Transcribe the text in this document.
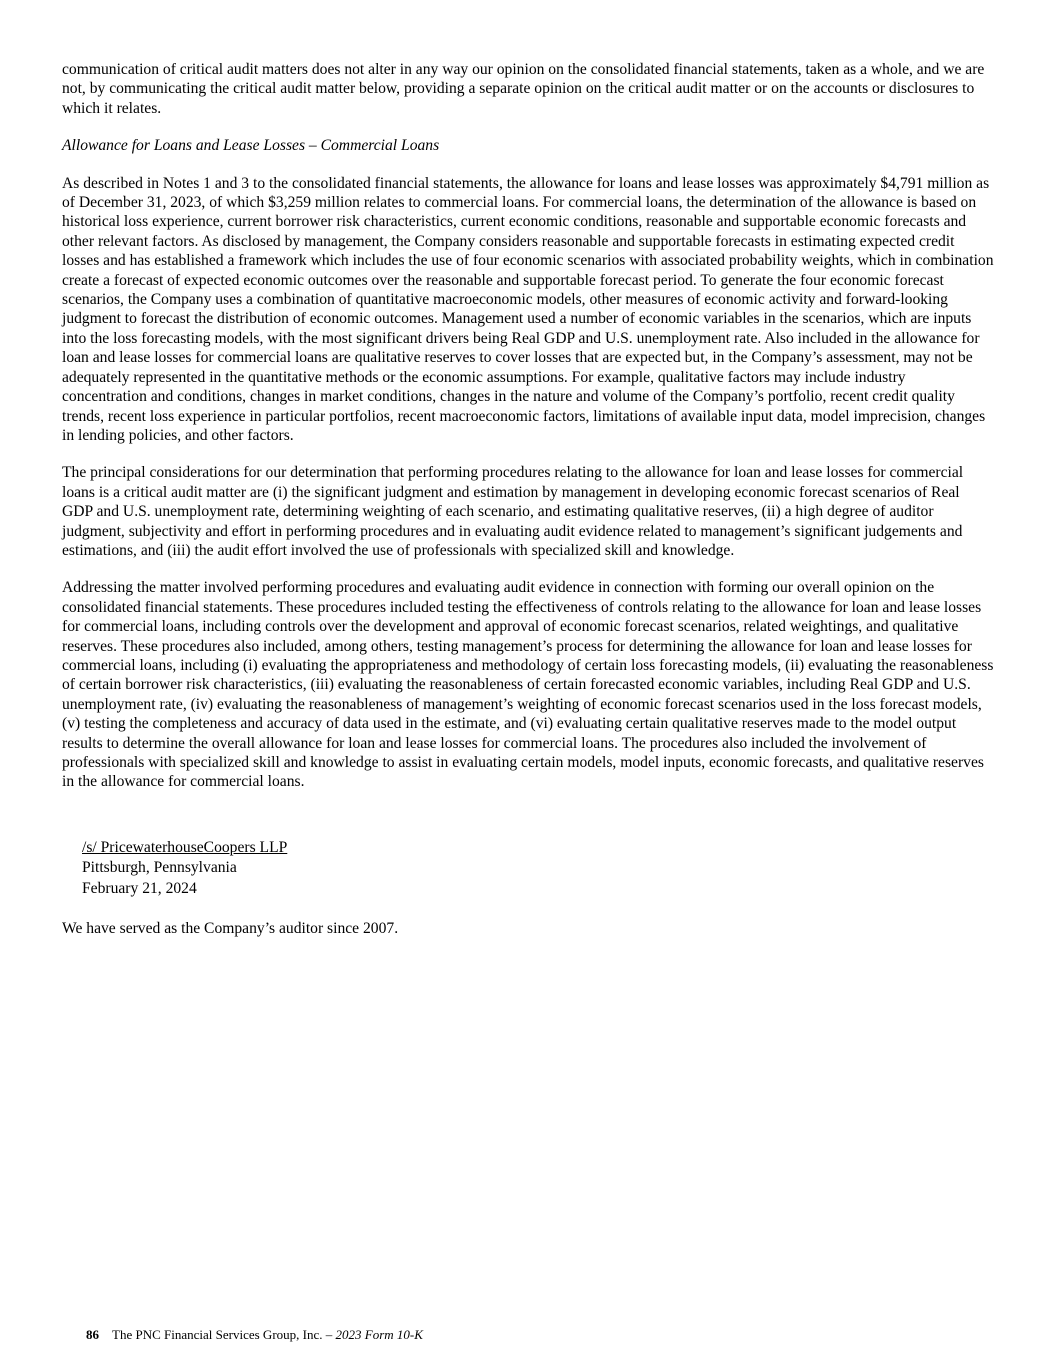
communication of critical audit matters does not alter in any way our opinion on the consolidated financial statements, taken as a whole, and we are not, by communicating the critical audit matter below, providing a separate opinion on the critical audit matter or on the accounts or disclosures to which it relates.

Allowance for Loans and Lease Losses – Commercial Loans

As described in Notes 1 and 3 to the consolidated financial statements, the allowance for loans and lease losses was approximately $4,791 million as of December 31, 2023, of which $3,259 million relates to commercial loans. For commercial loans, the determination of the allowance is based on historical loss experience, current borrower risk characteristics, current economic conditions, reasonable and supportable economic forecasts and other relevant factors. As disclosed by management, the Company considers reasonable and supportable forecasts in estimating expected credit losses and has established a framework which includes the use of four economic scenarios with associated probability weights, which in combination create a forecast of expected economic outcomes over the reasonable and supportable forecast period. To generate the four economic forecast scenarios, the Company uses a combination of quantitative macroeconomic models, other measures of economic activity and forward-looking judgment to forecast the distribution of economic outcomes. Management used a number of economic variables in the scenarios, which are inputs into the loss forecasting models, with the most significant drivers being Real GDP and U.S. unemployment rate. Also included in the allowance for loan and lease losses for commercial loans are qualitative reserves to cover losses that are expected but, in the Company’s assessment, may not be adequately represented in the quantitative methods or the economic assumptions. For example, qualitative factors may include industry concentration and conditions, changes in market conditions, changes in the nature and volume of the Company’s portfolio, recent credit quality trends, recent loss experience in particular portfolios, recent macroeconomic factors, limitations of available input data, model imprecision, changes in lending policies, and other factors.

The principal considerations for our determination that performing procedures relating to the allowance for loan and lease losses for commercial loans is a critical audit matter are (i) the significant judgment and estimation by management in developing economic forecast scenarios of Real GDP and U.S. unemployment rate, determining weighting of each scenario, and estimating qualitative reserves, (ii) a high degree of auditor judgment, subjectivity and effort in performing procedures and in evaluating audit evidence related to management’s significant judgements and estimations, and (iii) the audit effort involved the use of professionals with specialized skill and knowledge.

Addressing the matter involved performing procedures and evaluating audit evidence in connection with forming our overall opinion on the consolidated financial statements. These procedures included testing the effectiveness of controls relating to the allowance for loan and lease losses for commercial loans, including controls over the development and approval of economic forecast scenarios, related weightings, and qualitative reserves. These procedures also included, among others, testing management’s process for determining the allowance for loan and lease losses for commercial loans, including (i) evaluating the appropriateness and methodology of certain loss forecasting models, (ii) evaluating the reasonableness of certain borrower risk characteristics, (iii) evaluating the reasonableness of certain forecasted economic variables, including Real GDP and U.S. unemployment rate, (iv) evaluating the reasonableness of management’s weighting of economic forecast scenarios used in the loss forecast models, (v) testing the completeness and accuracy of data used in the estimate, and (vi) evaluating certain qualitative reserves made to the model output results to determine the overall allowance for loan and lease losses for commercial loans. The procedures also included the involvement of professionals with specialized skill and knowledge to assist in evaluating certain models, model inputs, economic forecasts, and qualitative reserves in the allowance for commercial loans.

/s/ PricewaterhouseCoopers LLP
Pittsburgh, Pennsylvania
February 21, 2024

We have served as the Company’s auditor since 2007.

86 The PNC Financial Services Group, Inc. – 2023 Form 10-K
